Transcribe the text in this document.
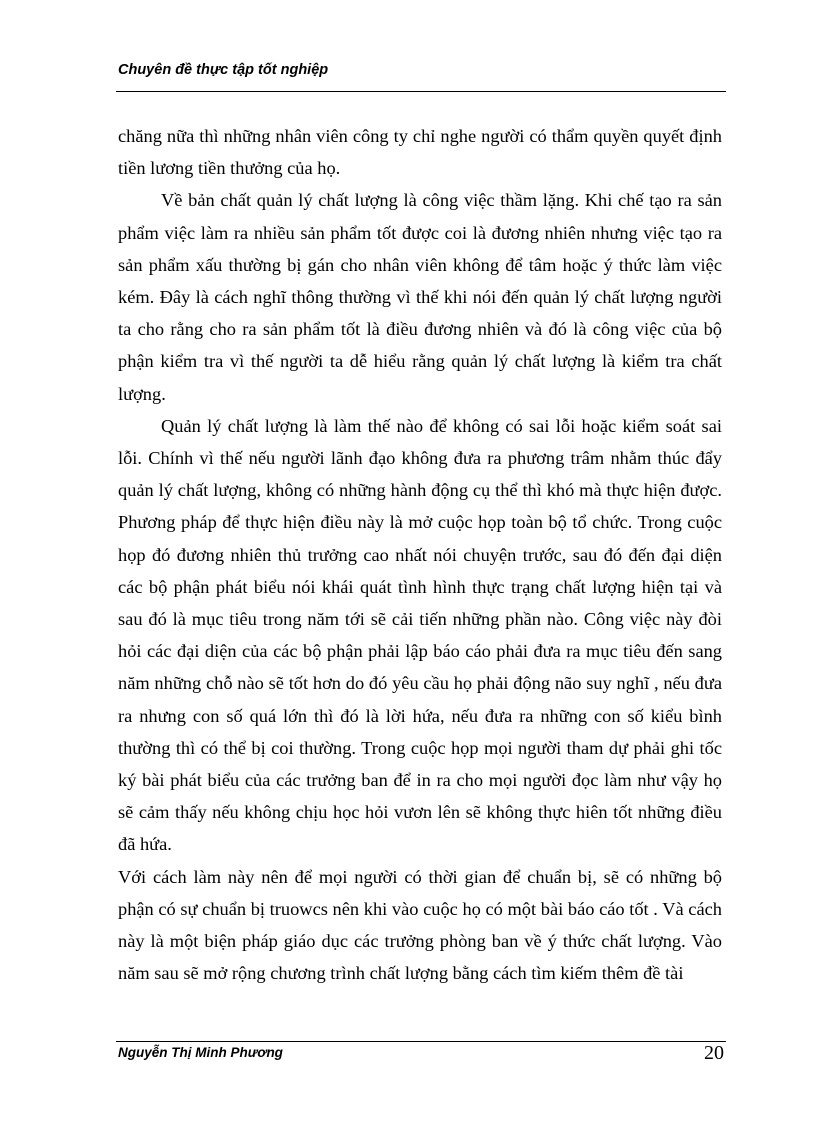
Chuyên đề thực tập tốt nghiệp

chăng nữa thì những nhân viên công ty chỉ nghe người có thẩm quyền quyết định tiền lương tiền thưởng của họ.

Về bản chất quản lý chất lượng là công việc thầm lặng. Khi chế tạo ra sản phẩm việc làm ra nhiều sản phẩm tốt được coi là đương nhiên nhưng việc tạo ra sản phẩm xấu thường bị gán cho nhân viên không để tâm hoặc ý thức làm việc kém. Đây là cách nghĩ thông thường vì thế khi nói đến quản lý chất lượng người ta cho rằng cho ra sản phẩm tốt là điều đương nhiên và đó là công việc của bộ phận kiểm tra vì thế người ta dễ hiểu rằng quản lý chất lượng là kiểm tra chất lượng.

Quản lý chất lượng là làm thế nào để không có sai lỗi hoặc kiểm soát sai lỗi. Chính vì thế nếu người lãnh đạo không đưa ra phương trâm nhằm thúc đẩy quản lý chất lượng, không có những hành động cụ thể thì khó mà thực hiện được. Phương pháp để thực hiện điều này là mở cuộc họp toàn bộ tổ chức. Trong cuộc họp đó đương nhiên thủ trưởng cao nhất nói chuyện trước, sau đó đến đại diện các bộ phận phát biểu nói khái quát tình hình thực trạng chất lượng hiện tại và sau đó là mục tiêu trong năm tới sẽ cải tiến những phần nào. Công việc này đòi hỏi các đại diện của các bộ phận phải lập báo cáo phải đưa ra mục tiêu đến sang năm những chỗ nào sẽ tốt hơn do đó yêu cầu họ phải động não suy nghĩ , nếu đưa ra nhưng con số quá lớn thì đó là lời hứa, nếu đưa ra những con số kiểu bình thường thì có thể bị coi thường. Trong cuộc họp mọi người tham dự phải ghi tốc ký bài phát biểu của các trưởng ban để in ra cho mọi người đọc làm như vậy họ sẽ cảm thấy nếu không chịu học hỏi vươn lên sẽ không thực hiên tốt những điều đã hứa.

Với cách làm này nên để mọi người có thời gian để chuẩn bị, sẽ có những bộ phận có sự chuẩn bị truowcs nên khi vào cuộc họ có một bài báo cáo tốt . Và cách này là một biện pháp giáo dục các trưởng phòng ban về ý thức chất lượng. Vào năm sau sẽ mở rộng chương trình chất lượng bằng cách tìm kiếm thêm đề tài

Nguyễn Thị Minh Phương	20
